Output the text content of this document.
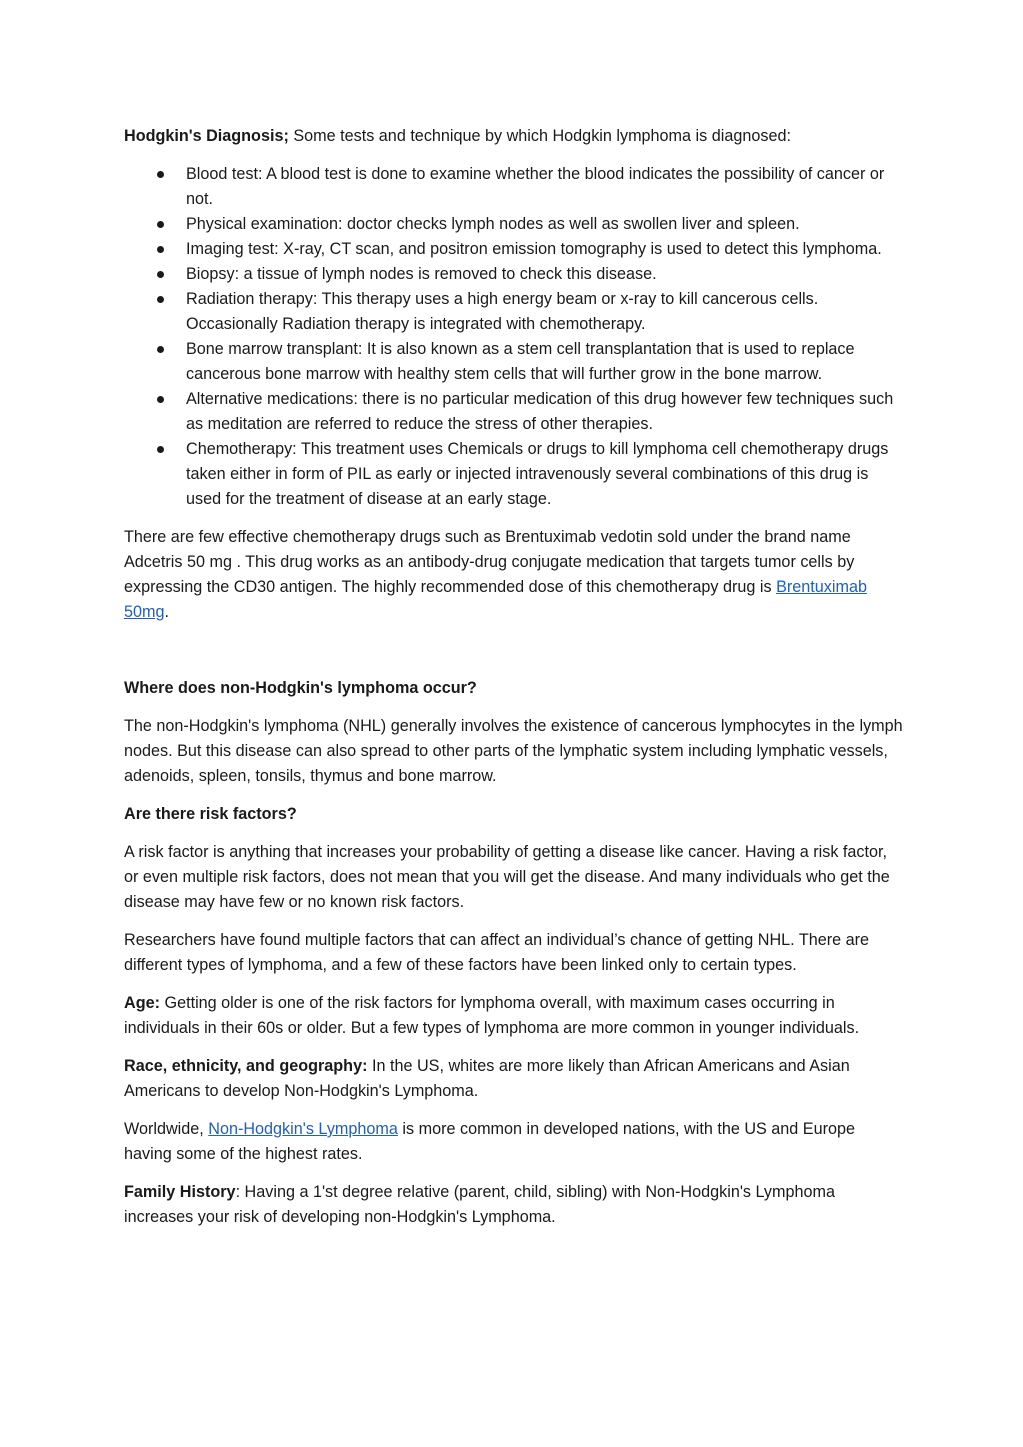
Hodgkin's Diagnosis; Some tests and technique by which Hodgkin lymphoma is diagnosed:

Blood test: A blood test is done to examine whether the blood indicates the possibility of cancer or not.
Physical examination: doctor checks lymph nodes as well as swollen liver and spleen.
Imaging test: X-ray, CT scan, and positron emission tomography is used to detect this lymphoma.
Biopsy: a tissue of lymph nodes is removed to check this disease.
Radiation therapy: This therapy uses a high energy beam or x-ray to kill cancerous cells. Occasionally Radiation therapy is integrated with chemotherapy.
Bone marrow transplant: It is also known as a stem cell transplantation that is used to replace cancerous bone marrow with healthy stem cells that will further grow in the bone marrow.
Alternative medications: there is no particular medication of this drug however few techniques such as meditation are referred to reduce the stress of other therapies.
Chemotherapy: This treatment uses Chemicals or drugs to kill lymphoma cell chemotherapy drugs taken either in form of PIL as early or injected intravenously several combinations of this drug is used for the treatment of disease at an early stage.

There are few effective chemotherapy drugs such as Brentuximab vedotin sold under the brand name Adcetris 50 mg . This drug works as an antibody-drug conjugate medication that targets tumor cells by expressing the CD30 antigen. The highly recommended dose of this chemotherapy drug is Brentuximab 50mg.

Where does non-Hodgkin's lymphoma occur?

The non-Hodgkin's lymphoma (NHL) generally involves the existence of cancerous lymphocytes in the lymph nodes. But this disease can also spread to other parts of the lymphatic system including lymphatic vessels, adenoids, spleen, tonsils, thymus and bone marrow.

Are there risk factors?

A risk factor is anything that increases your probability of getting a disease like cancer. Having a risk factor, or even multiple risk factors, does not mean that you will get the disease. And many individuals who get the disease may have few or no known risk factors.

Researchers have found multiple factors that can affect an individual’s chance of getting NHL. There are different types of lymphoma, and a few of these factors have been linked only to certain types.

Age: Getting older is one of the risk factors for lymphoma overall, with maximum cases occurring in individuals in their 60s or older. But a few types of lymphoma are more common in younger individuals.

Race, ethnicity, and geography: In the US, whites are more likely than African Americans and Asian Americans to develop Non-Hodgkin's Lymphoma.

Worldwide, Non-Hodgkin's Lymphoma is more common in developed nations, with the US and Europe having some of the highest rates.

Family History: Having a 1'st degree relative (parent, child, sibling) with Non-Hodgkin's Lymphoma increases your risk of developing non-Hodgkin's Lymphoma.
